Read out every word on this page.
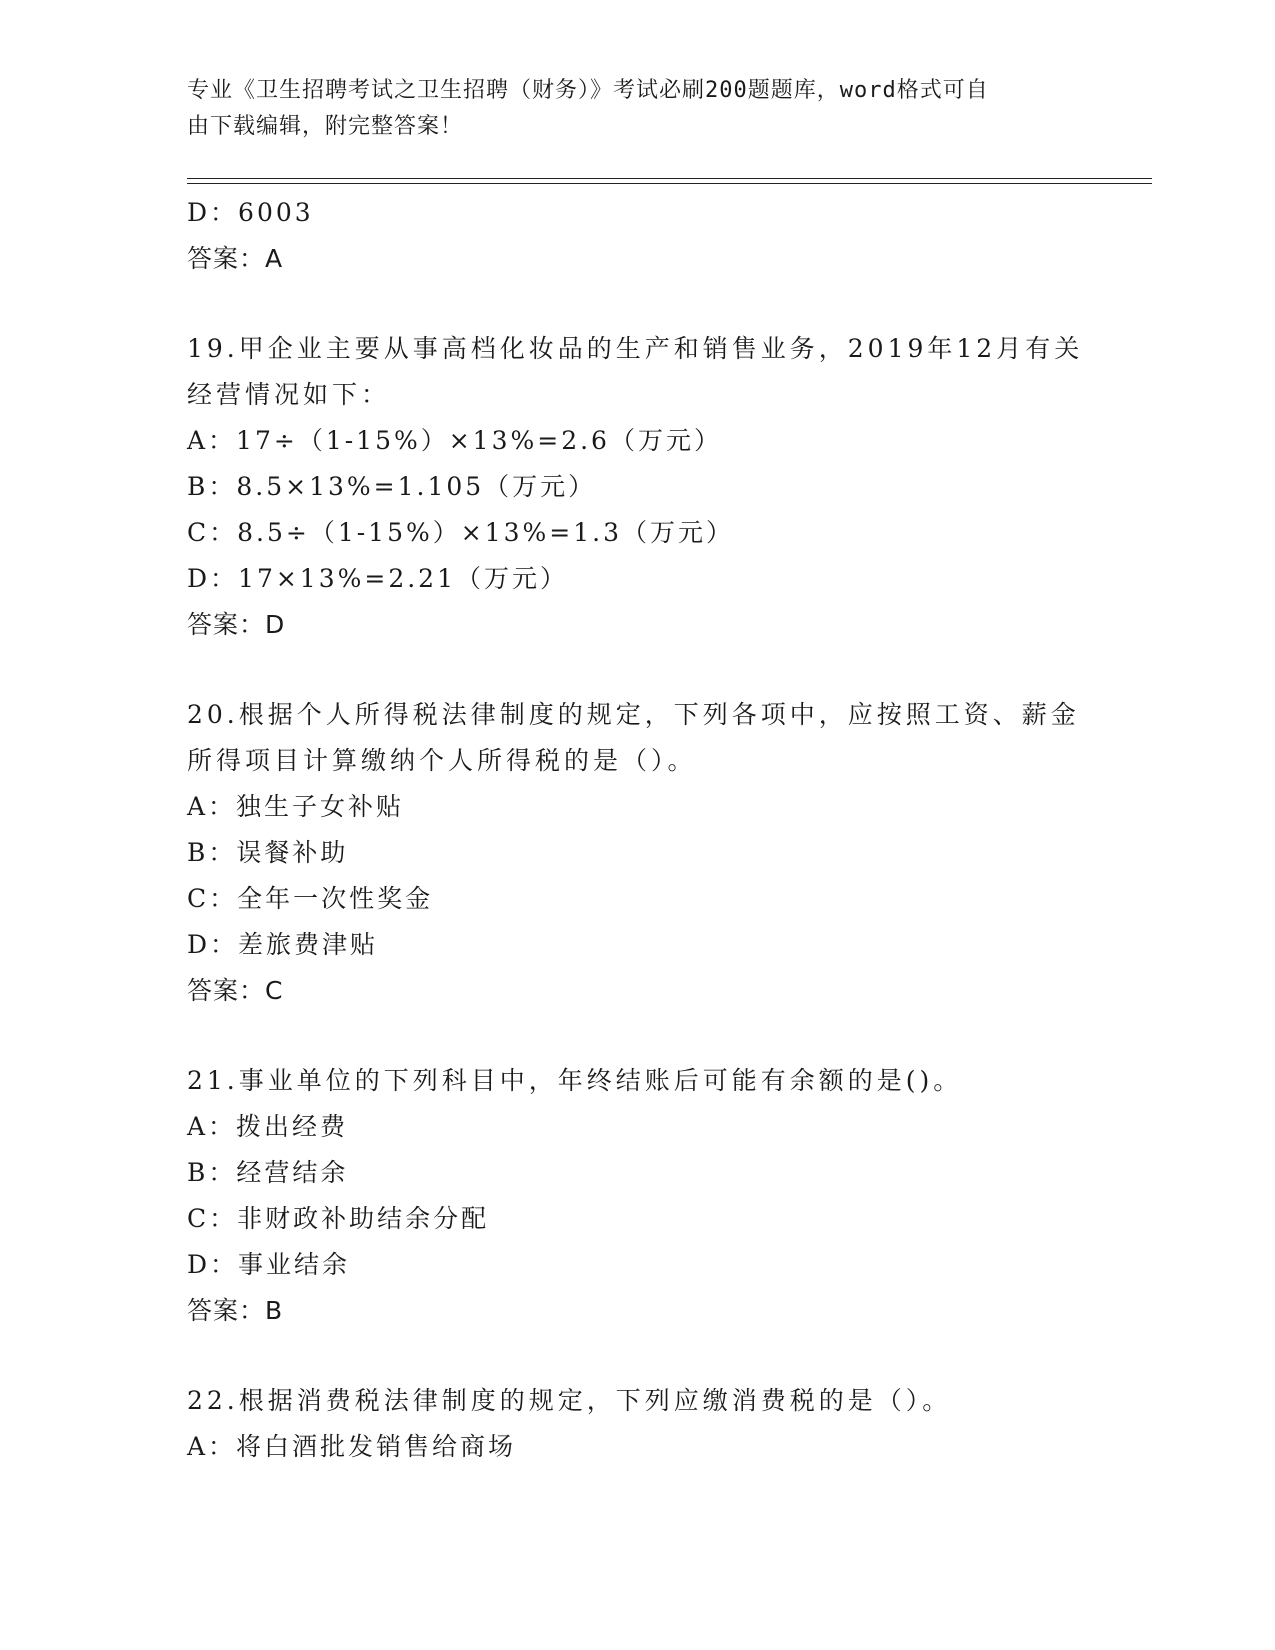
专业《卫生招聘考试之卫生招聘（财务）》考试必刷200题题库，word格式可自
由下载编辑，附完整答案！
D：6003
答案：A
19.甲企业主要从事高档化妆品的生产和销售业务，2019年12月有关
经营情况如下：
A：17÷（1-15%）×13%=2.6（万元）
B：8.5×13%=1.105（万元）
C：8.5÷（1-15%）×13%=1.3（万元）
D：17×13%=2.21（万元）
答案：D
20.根据个人所得税法律制度的规定，下列各项中，应按照工资、薪金
所得项目计算缴纳个人所得税的是（）。
A：独生子女补贴
B：误餐补助
C：全年一次性奖金
D：差旅费津贴
答案：C
21.事业单位的下列科目中，年终结账后可能有余额的是()。
A：拨出经费
B：经营结余
C：非财政补助结余分配
D：事业结余
答案：B
22.根据消费税法律制度的规定，下列应缴消费税的是（）。
A：将白酒批发销售给商场
